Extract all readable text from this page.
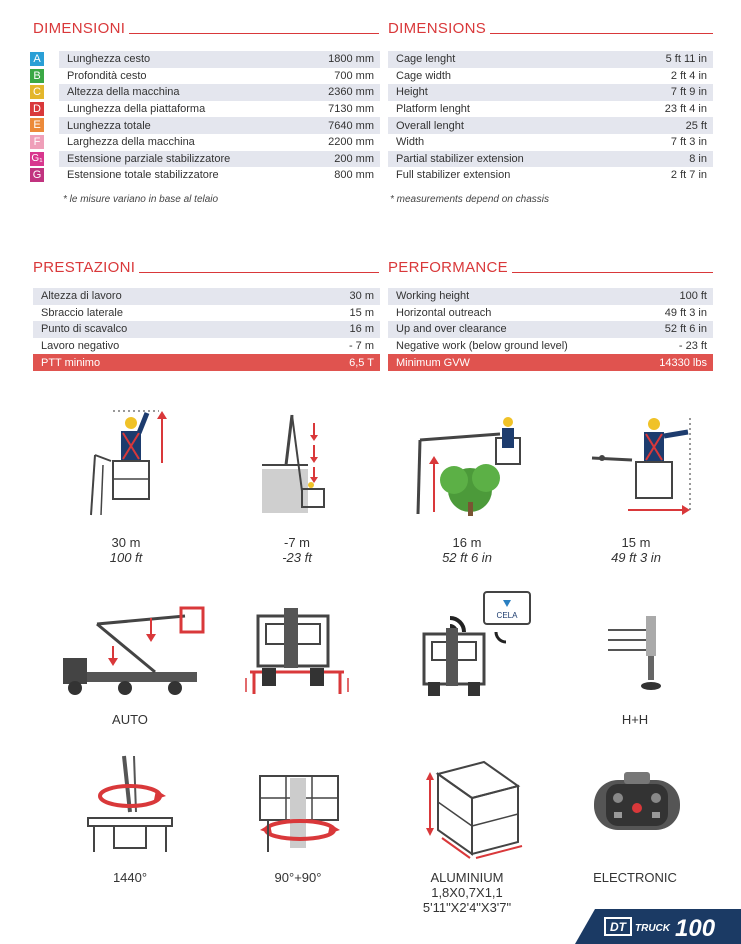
DIMENSIONI	DIMENSIONS
PRESTAZIONI	PERFORMANCE
A	Lunghezza cesto	1800 mm
B	Profondità cesto	700 mm
C	Altezza della macchina	2360 mm
D	Lunghezza della piattaforma	7130 mm
E	Lunghezza totale	7640 mm
F	Larghezza della macchina	2200 mm
G₁	Estensione parziale stabilizzatore	200 mm
G	Estensione totale stabilizzatore	800 mm
Cage lenght	5 ft 11 in
Cage width	2 ft 4 in
Height	7 ft 9 in
Platform lenght	23 ft 4 in
Overall lenght	25 ft
Width	7 ft 3 in
Partial stabilizer extension	8 in
Full stabilizer extension	2 ft 7 in
* le misure variano in base al telaio	* measurements depend on chassis
Altezza di lavoro	30 m
Sbraccio laterale	15 m
Punto di scavalco	16 m
Lavoro negativo	- 7 m
PTT minimo	6,5 T
Working height	100 ft
Horizontal outreach	49 ft 3 in
Up and over clearance	52 ft 6 in
Negative work (below ground level)	- 23 ft
Minimum GVW	14330 lbs
30 m
100 ft
-7 m
-23 ft
16 m
52 ft 6 in
15 m
49 ft 3 in
AUTO
CELA
H+H
1440°	90°+90°	ALUMINIUM
1,8X0,7X1,1
5'11"X2'4"X3'7"
ELECTRONIC
DT TRUCK 100
